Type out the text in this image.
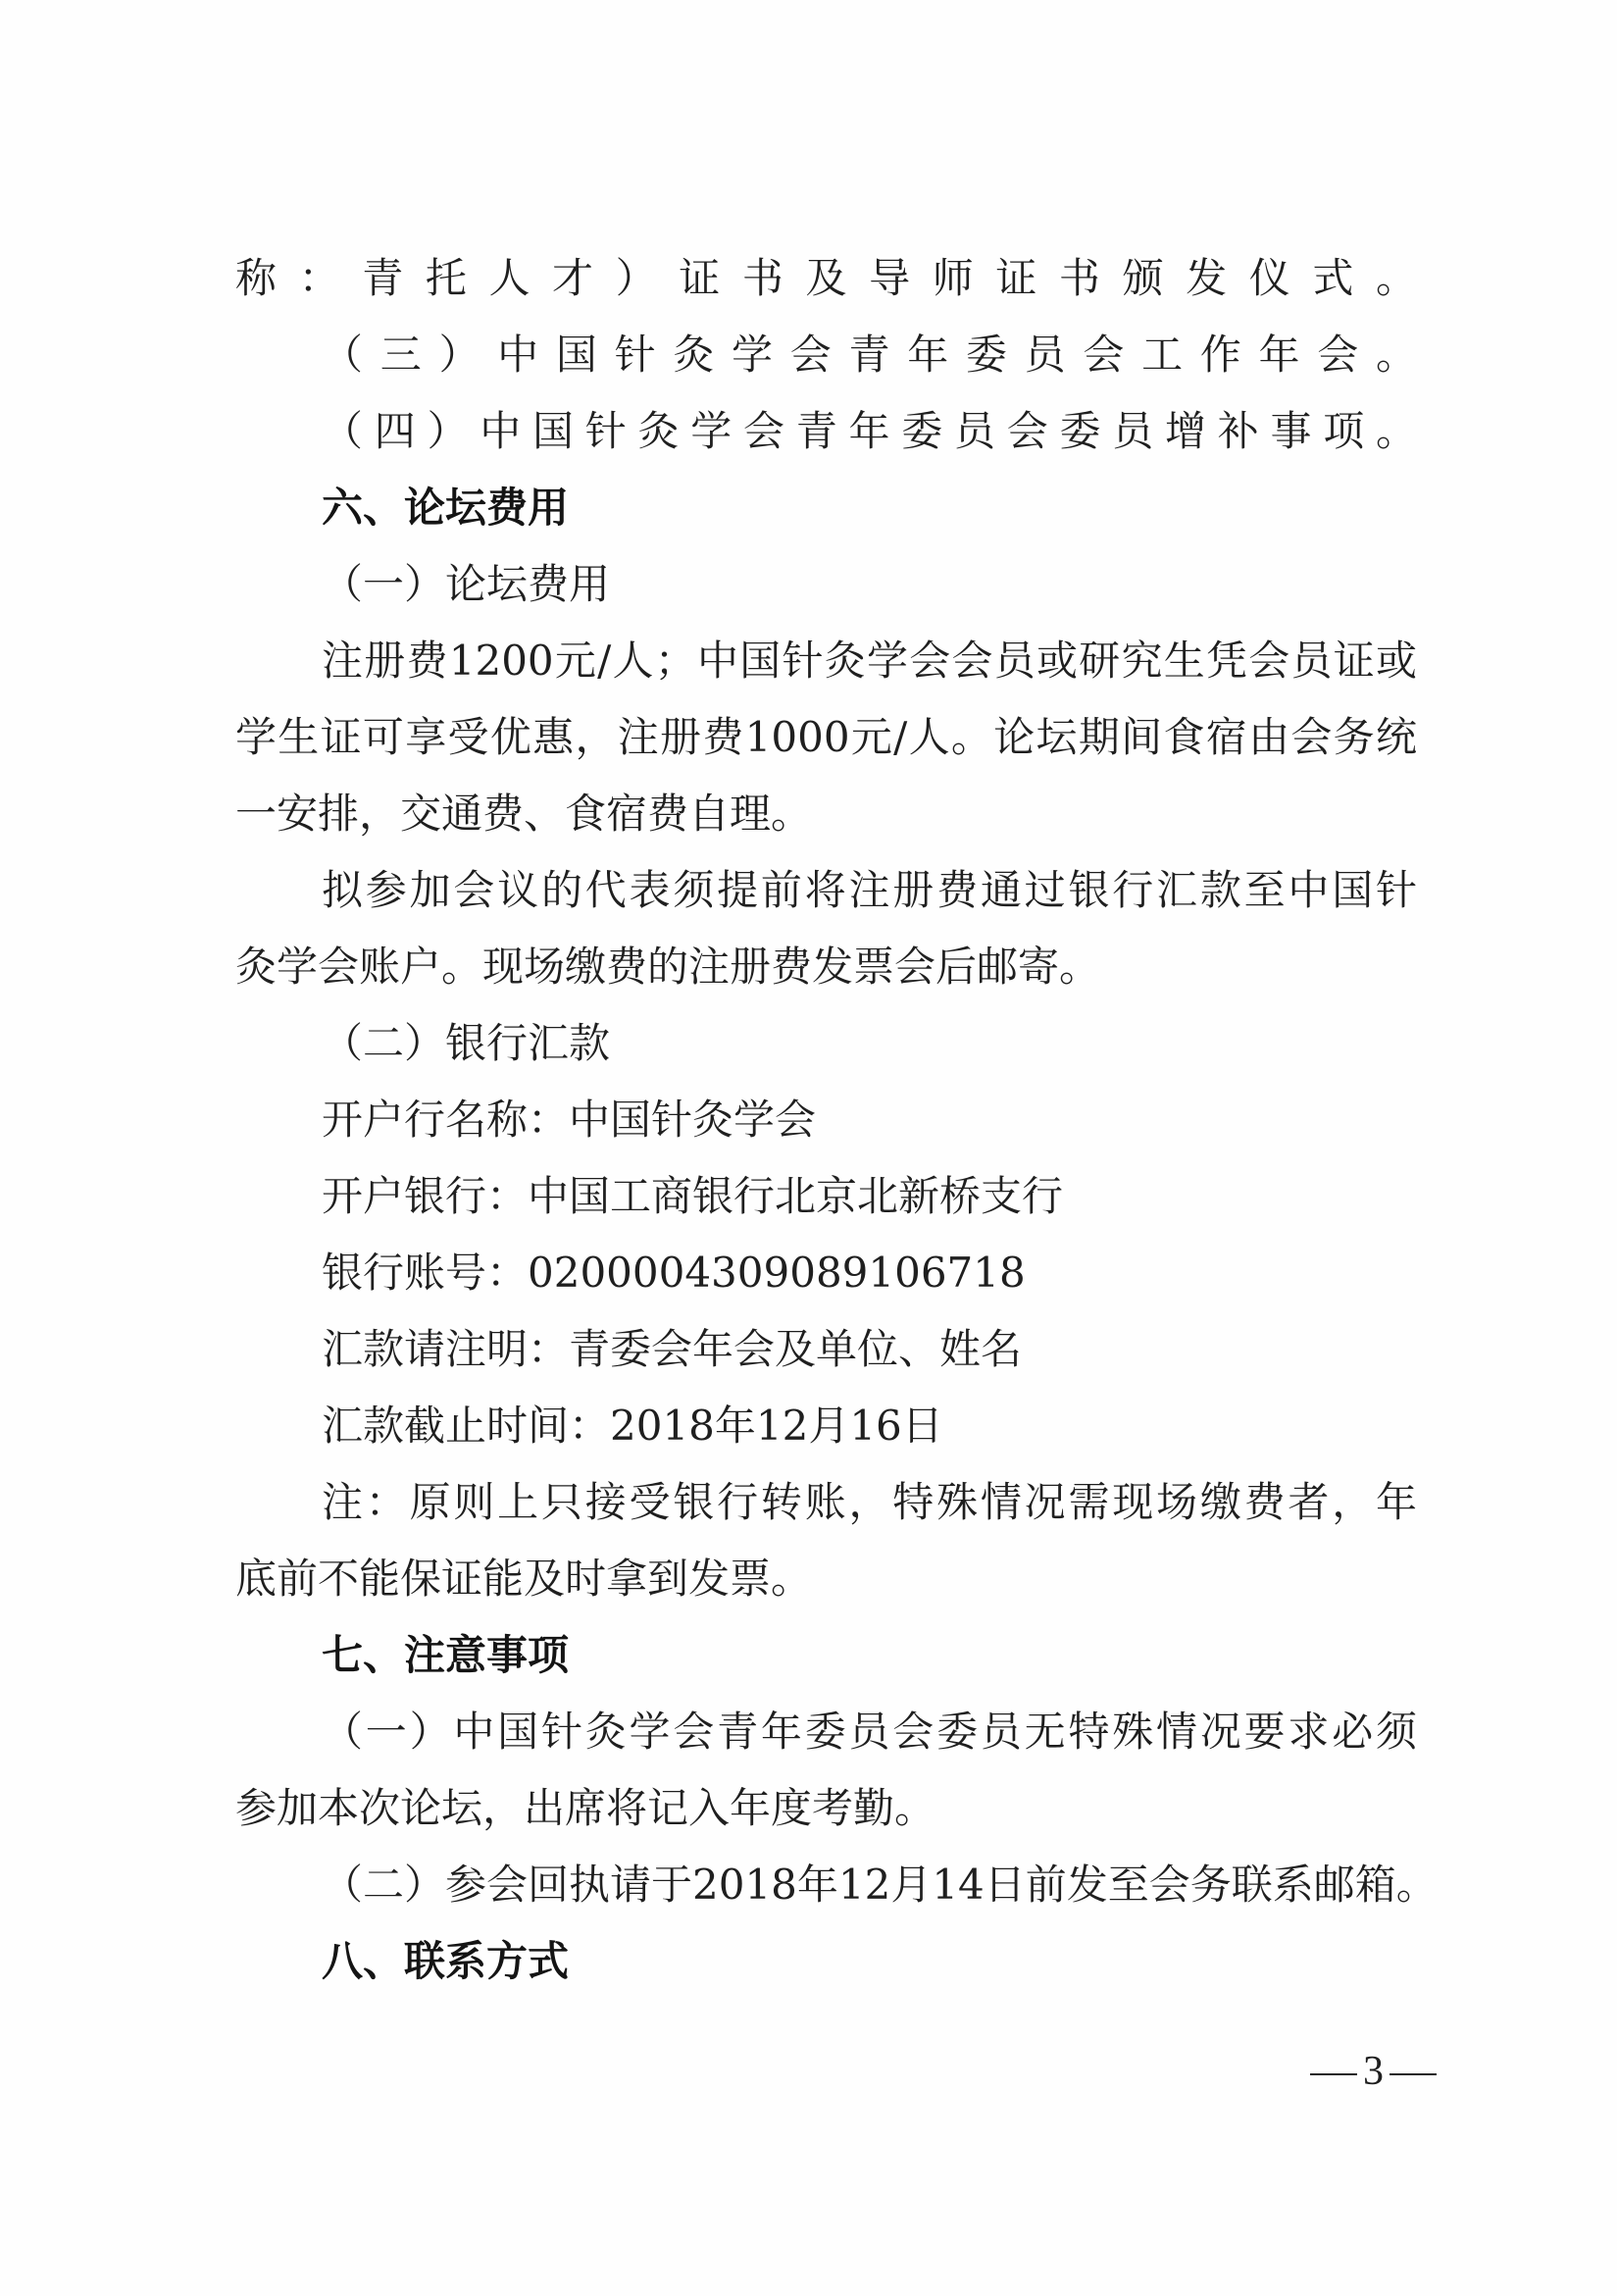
称：青托人才）证书及导师证书颁发仪式。
（三）中国针灸学会青年委员会工作年会。
（四）中国针灸学会青年委员会委员增补事项。
六、论坛费用
（一）论坛费用
注册费1200元/人；中国针灸学会会员或研究生凭会员证或
学生证可享受优惠，注册费1000元/人。论坛期间食宿由会务统
一安排，交通费、食宿费自理。
拟参加会议的代表须提前将注册费通过银行汇款至中国针
灸学会账户。现场缴费的注册费发票会后邮寄。
（二）银行汇款
开户行名称：中国针灸学会
开户银行：中国工商银行北京北新桥支行
银行账号：0200004309089106718
汇款请注明：青委会年会及单位、姓名
汇款截止时间：2018年12月16日
注：原则上只接受银行转账，特殊情况需现场缴费者，年
底前不能保证能及时拿到发票。
七、注意事项
（一）中国针灸学会青年委员会委员无特殊情况要求必须
参加本次论坛，出席将记入年度考勤。
（二）参会回执请于2018年12月14日前发至会务联系邮箱。
八、联系方式
3
